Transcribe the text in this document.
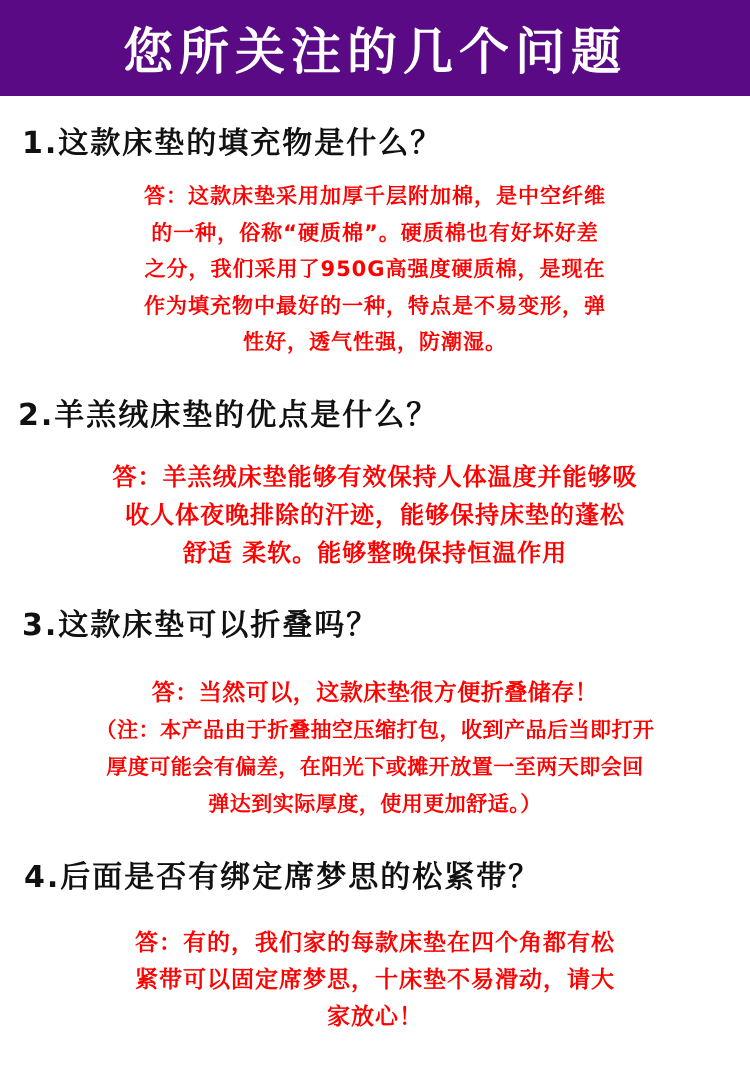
您所关注的几个问题
1.这款床垫的填充物是什么？
答：这款床垫采用加厚千层附加棉，是中空纤维
的一种，俗称“硬质棉”。硬质棉也有好坏好差
之分，我们采用了950G高强度硬质棉，是现在
作为填充物中最好的一种，特点是不易变形，弹
性好，透气性强，防潮湿。
2.羊羔绒床垫的优点是什么？
答：羊羔绒床垫能够有效保持人体温度并能够吸
收人体夜晚排除的汗迹，能够保持床垫的蓬松
舒适 柔软。能够整晚保持恒温作用
3.这款床垫可以折叠吗？
答：当然可以，这款床垫很方便折叠储存！
（注：本产品由于折叠抽空压缩打包，收到产品后当即打开
厚度可能会有偏差，在阳光下或摊开放置一至两天即会回
弹达到实际厚度，使用更加舒适。）
4.后面是否有绑定席梦思的松紧带？
答：有的，我们家的每款床垫在四个角都有松
紧带可以固定席梦思，十床垫不易滑动，请大
家放心！
